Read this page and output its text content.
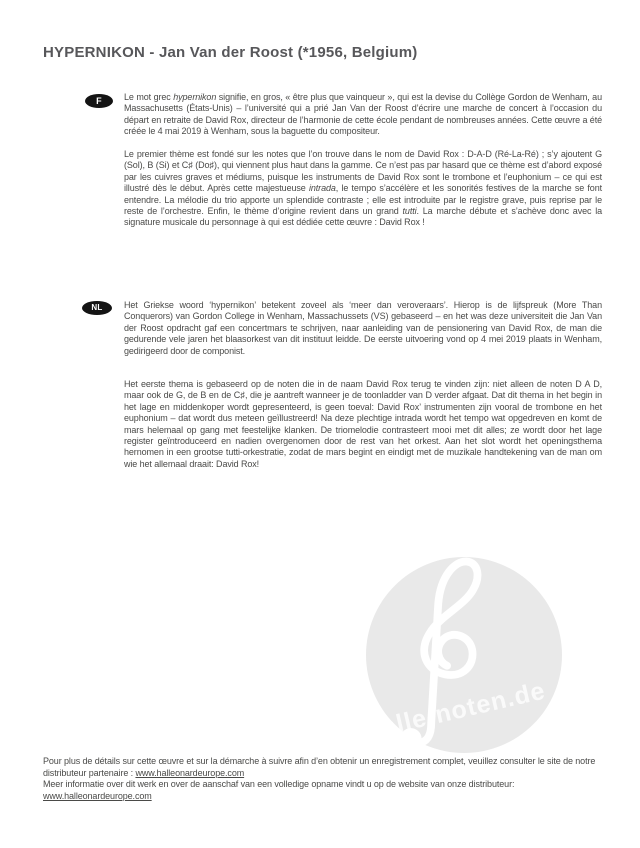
alle-noten.de
HYPERNIKON - Jan Van der Roost (*1956, Belgium)
F	Le mot grec hypernikon signifie, en gros, « être plus que vainqueur », qui est la devise du Collège Gordon de Wenham, au Massachusetts (États-Unis) – l’université qui a prié Jan Van der Roost d’écrire une marche de concert à l’occasion du départ en retraite de David Rox, directeur de l’harmonie de cette école pendant de nombreuses années. Cette œuvre a été créée le 4 mai 2019 à Wenham, sous la baguette du compositeur.

Le premier thème est fondé sur les notes que l’on trouve dans le nom de David Rox : D-A-D (Ré-La-Ré) ; s’y ajoutent G (Sol), B (Si) et C♯ (Do♯), qui viennent plus haut dans la gamme. Ce n’est pas par hasard que ce thème est d’abord exposé par les cuivres graves et médiums, puisque les instruments de David Rox sont le trombone et l’euphonium – ce qui est illustré dès le début. Après cette majestueuse intrada, le tempo s’accélère et les sonorités festives de la marche se font entendre. La mélodie du trio apporte un splendide contraste ; elle est introduite par le registre grave, puis reprise par le reste de l’orchestre. Enfin, le thème d’origine revient dans un grand tutti. La marche débute et s’achève donc avec la signature musicale du personnage à qui est dédiée cette œuvre : David Rox !

NL	Het Griekse woord ‘hypernikon’ betekent zoveel als ‘meer dan veroveraars’. Hierop is de lijfspreuk (More Than Conquerors) van Gordon College in Wenham, Massachussets (VS) gebaseerd – en het was deze universiteit die Jan Van der Roost opdracht gaf een concertmars te schrijven, naar aanleiding van de pensionering van David Rox, de man die gedurende vele jaren het blaasorkest van dit instituut leidde. De eerste uitvoering vond op 4 mei 2019 plaats in Wenham, gedirigeerd door de componist.

Het eerste thema is gebaseerd op de noten die in de naam David Rox terug te vinden zijn: niet alleen de noten D A D, maar ook de G, de B en de C♯, die je aantreft wanneer je de toonladder van D verder afgaat. Dat dit thema in het begin in het lage en middenkoper wordt gepresenteerd, is geen toeval: David Rox’ instrumenten zijn vooral de trombone en het euphonium – dat wordt dus meteen geïllustreerd! Na deze plechtige intrada wordt het tempo wat opgedreven en komt de mars helemaal op gang met feestelijke klanken. De triomelodie contrasteert mooi met dit alles; ze wordt door het lage register geïntroduceerd en nadien overgenomen door de rest van het orkest. Aan het slot wordt het openingsthema hernomen in een grootse tutti-orkestratie, zodat de mars begint en eindigt met de muzikale handtekening van de man om wie het allemaal draait: David Rox!

Pour plus de détails sur cette œuvre et sur la démarche à suivre afin d’en obtenir un enregistrement complet, veuillez consulter le site de notre distributeur partenaire : www.halleonardeurope.com

Meer informatie over dit werk en over de aanschaf van een volledige opname vindt u op de website van onze distributeur:
www.halleonardeurope.com
